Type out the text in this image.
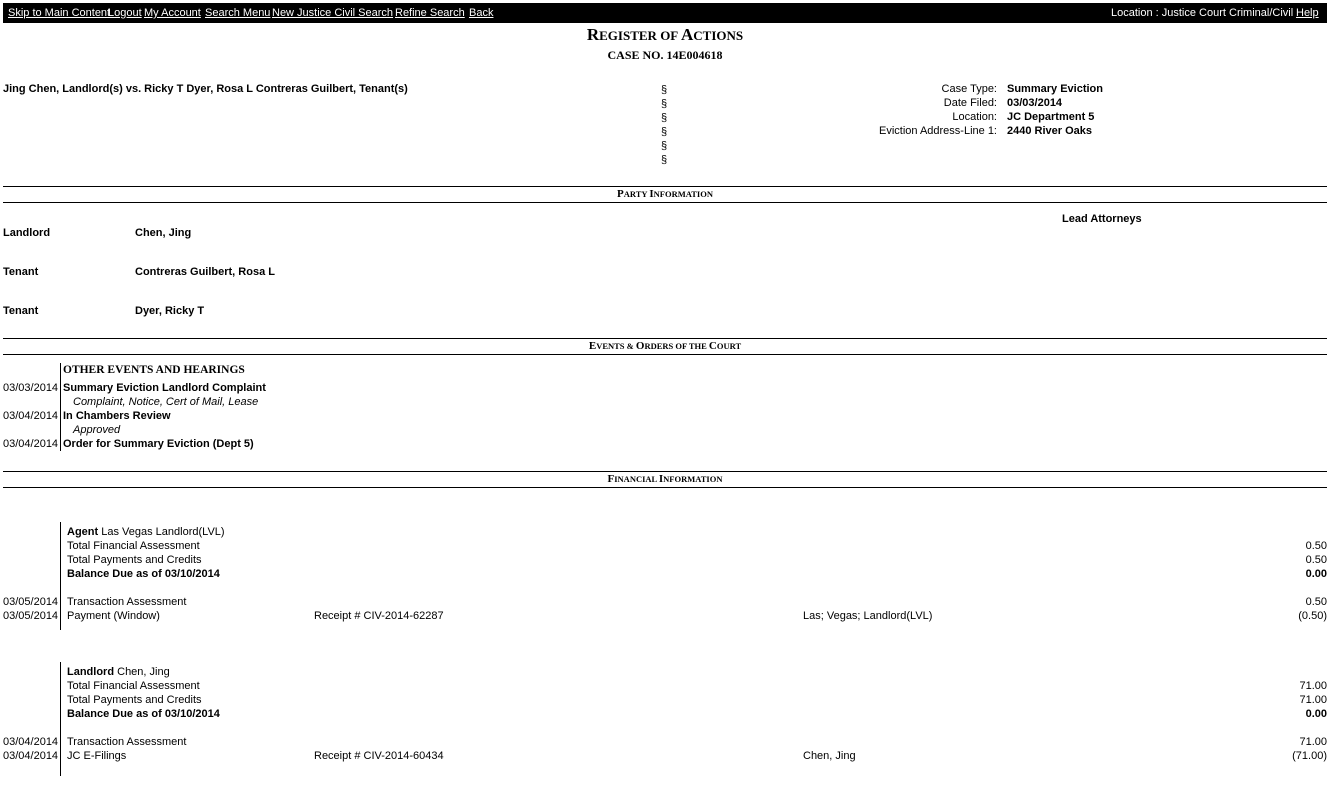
Skip to Main Content
Logout My Account Search Menu New Justice Civil Search Refine Search Back	Location : Justice Court Criminal/Civil Help
REGISTER OF ACTIONS
CASE NO. 14E004618
Jing Chen, Landlord(s) vs. Ricky T Dyer, Rosa L Contreras Guilbert, Tenant(s)	§
§
§
§
§
§
Case Type: Summary Eviction
Date Filed: 03/03/2014
Location: JC Department 5
Eviction Address-Line 1: 2440 River Oaks
PARTY INFORMATION
Lead Attorneys
Landlord	Chen, Jing
Tenant	Contreras Guilbert, Rosa L
Tenant	Dyer, Ricky T
EVENTS & ORDERS OF THE COURT
OTHER EVENTS AND HEARINGS
03/03/2014 Summary Eviction Landlord Complaint
Complaint, Notice, Cert of Mail, Lease
03/04/2014 In Chambers Review
Approved
03/04/2014 Order for Summary Eviction (Dept 5)
FINANCIAL INFORMATION
Agent Las Vegas Landlord(LVL)
Total Financial Assessment	0.50
Total Payments and Credits	0.50
Balance Due as of 03/10/2014	0.00
03/05/2014 Transaction Assessment	0.50
03/05/2014 Payment (Window)	Receipt # CIV-2014-62287	Las; Vegas; Landlord(LVL)	(0.50)
Landlord Chen, Jing
Total Financial Assessment	71.00
Total Payments and Credits	71.00
Balance Due as of 03/10/2014	0.00
03/04/2014 Transaction Assessment	71.00
03/04/2014 JC E-Filings	Receipt # CIV-2014-60434	Chen, Jing	(71.00)
